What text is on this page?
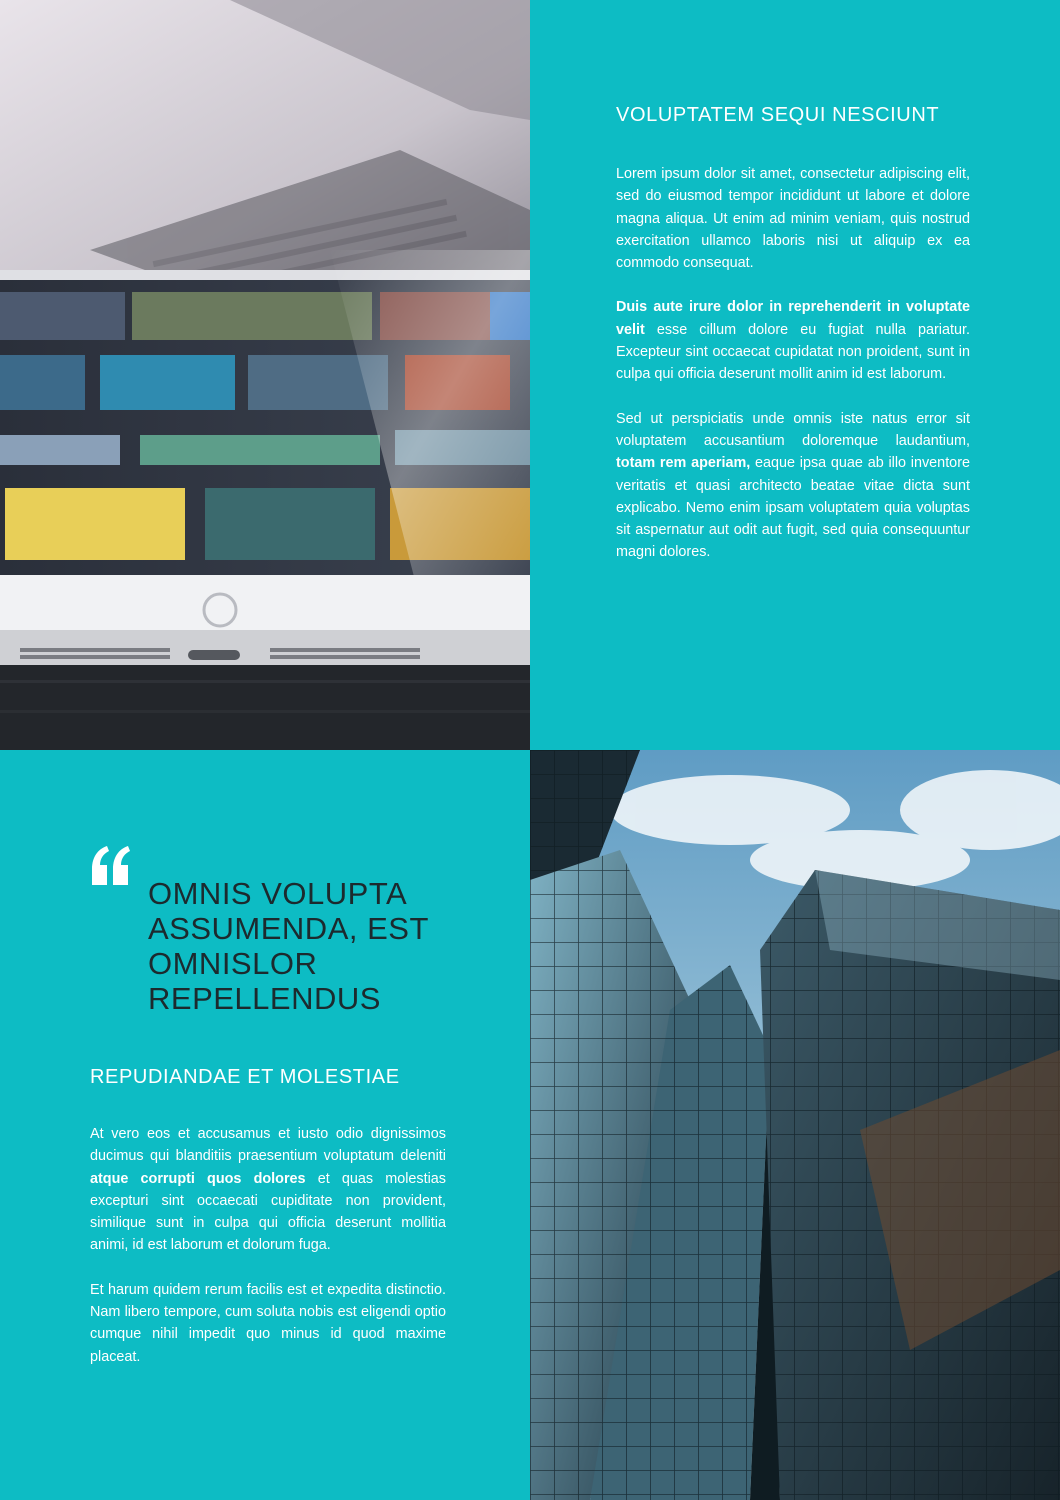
VOLUPTATEM SEQUI NESCIUNT

Lorem ipsum dolor sit amet, consectetur adipiscing elit, sed do eiusmod tempor incididunt ut labore et dolore magna aliqua. Ut enim ad minim veniam, quis nostrud exercitation ullamco laboris nisi ut aliquip ex ea commodo consequat.

Duis aute irure dolor in reprehenderit in voluptate velit esse cillum dolore eu fugiat nulla pariatur. Excepteur sint occaecat cupidatat non proident, sunt in culpa qui officia deserunt mollit anim id est laborum.

Sed ut perspiciatis unde omnis iste natus error sit voluptatem accusantium doloremque laudantium, totam rem aperiam, eaque ipsa quae ab illo inventore veritatis et quasi architecto beatae vitae dicta sunt explicabo. Nemo enim ipsam voluptatem quia voluptas sit aspernatur aut odit aut fugit, sed quia consequuntur magni dolores.

OMNIS VOLUPTA ASSUMENDA, EST OMNISLOR REPELLENDUS
REPUDIANDAE ET MOLESTIAE

At vero eos et accusamus et iusto odio dignissimos ducimus qui blanditiis praesentium voluptatum deleniti atque corrupti quos dolores et quas molestias excepturi sint occaecati cupiditate non provident, similique sunt in culpa qui officia deserunt mollitia animi, id est laborum et dolorum fuga.

Et harum quidem rerum facilis est et expedita distinctio. Nam libero tempore, cum soluta nobis est eligendi optio cumque nihil impedit quo minus id quod maxime placeat.
